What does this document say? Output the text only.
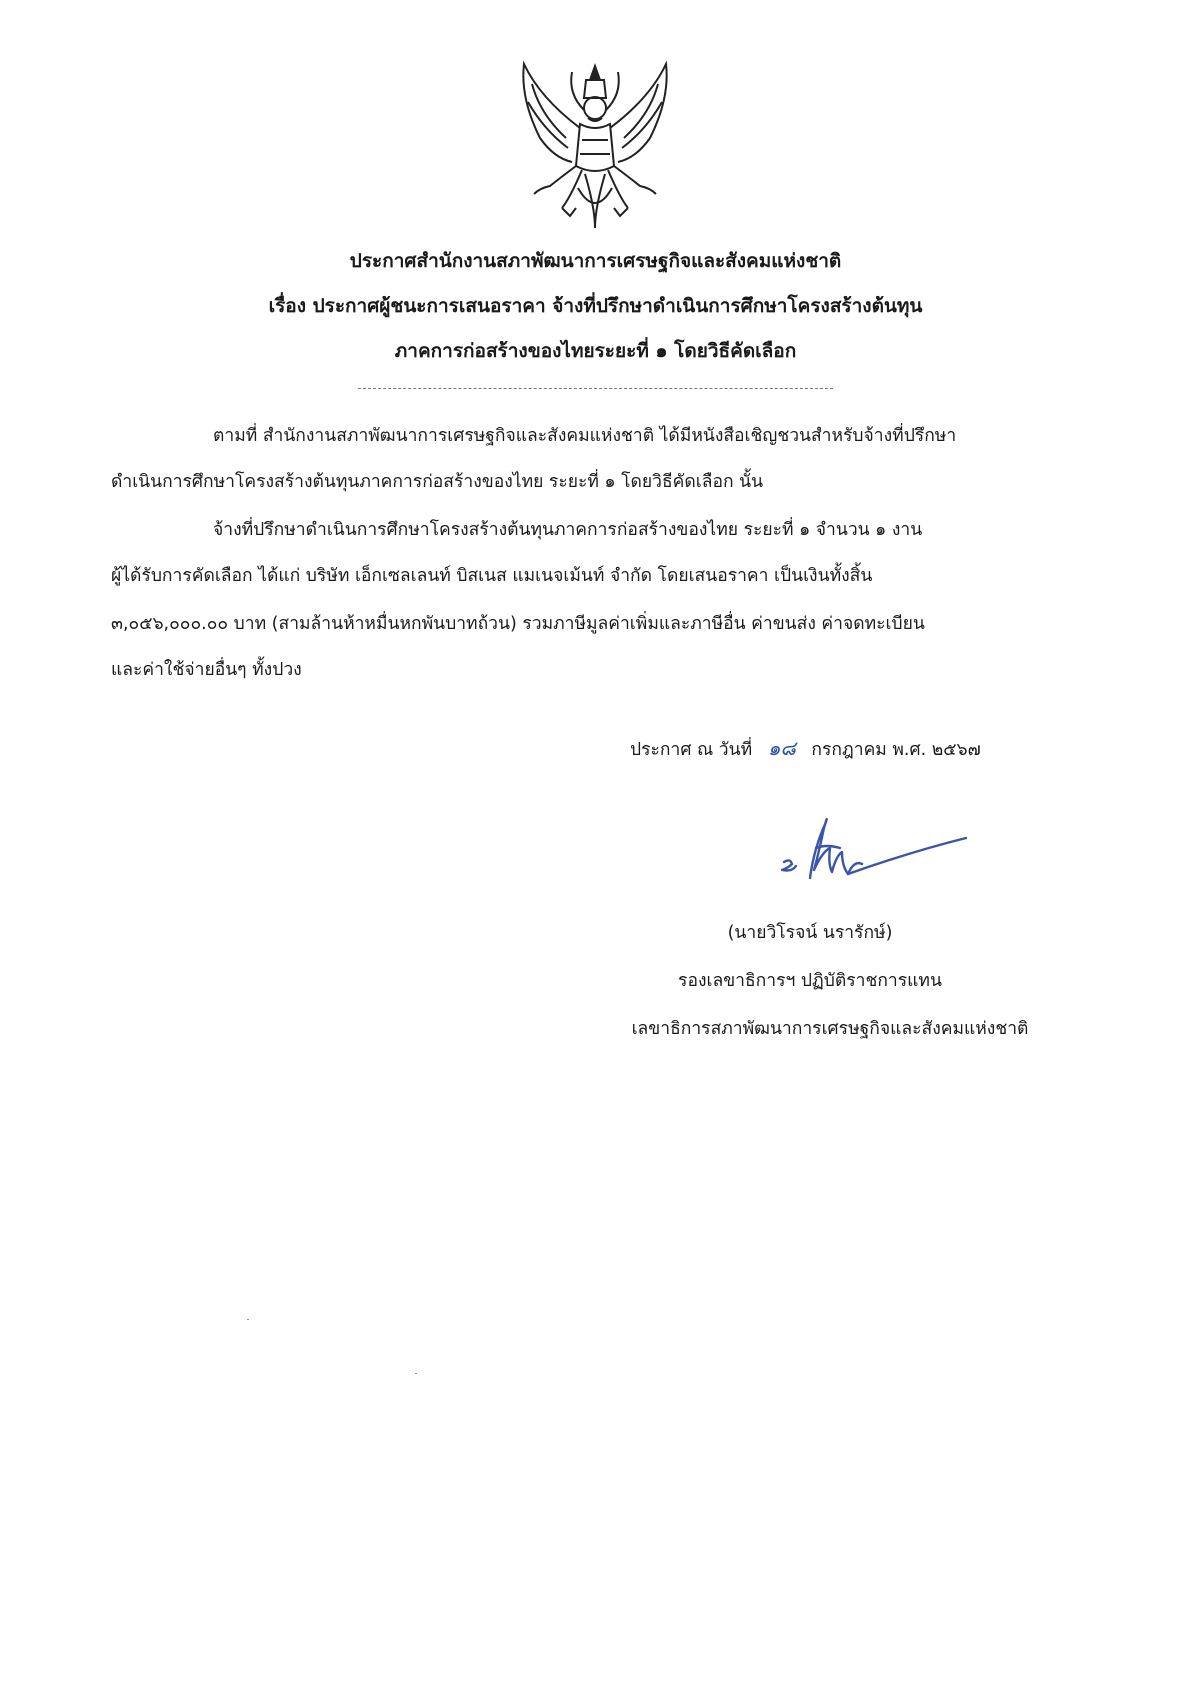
ประกาศสำนักงานสภาพัฒนาการเศรษฐกิจและสังคมแห่งชาติ
เรื่อง ประกาศผู้ชนะการเสนอราคา จ้างที่ปรึกษาดำเนินการศึกษาโครงสร้างต้นทุน
ภาคการก่อสร้างของไทยระยะที่ ๑ โดยวิธีคัดเลือก
ตามที่ สำนักงานสภาพัฒนาการเศรษฐกิจและสังคมแห่งชาติ ได้มีหนังสือเชิญชวนสำหรับจ้างที่ปรึกษา
ดำเนินการศึกษาโครงสร้างต้นทุนภาคการก่อสร้างของไทย ระยะที่ ๑ โดยวิธีคัดเลือก นั้น
จ้างที่ปรึกษาดำเนินการศึกษาโครงสร้างต้นทุนภาคการก่อสร้างของไทย ระยะที่ ๑ จำนวน ๑ งาน
ผู้ได้รับการคัดเลือก ได้แก่ บริษัท เอ็กเซลเลนท์ บิสเนส แมเนจเม้นท์ จำกัด โดยเสนอราคา เป็นเงินทั้งสิ้น
๓,๐๕๖,๐๐๐.๐๐ บาท (สามล้านห้าหมื่นหกพันบาทถ้วน) รวมภาษีมูลค่าเพิ่มและภาษีอื่น ค่าขนส่ง ค่าจดทะเบียน
และค่าใช้จ่ายอื่นๆ ทั้งปวง
ประกาศ ณ วันที่ ๑๘ กรกฎาคม พ.ศ. ๒๕๖๗
(นายวิโรจน์ นรารักษ์)
รองเลขาธิการฯ ปฏิบัติราชการแทน
เลขาธิการสภาพัฒนาการเศรษฐกิจและสังคมแห่งชาติ
